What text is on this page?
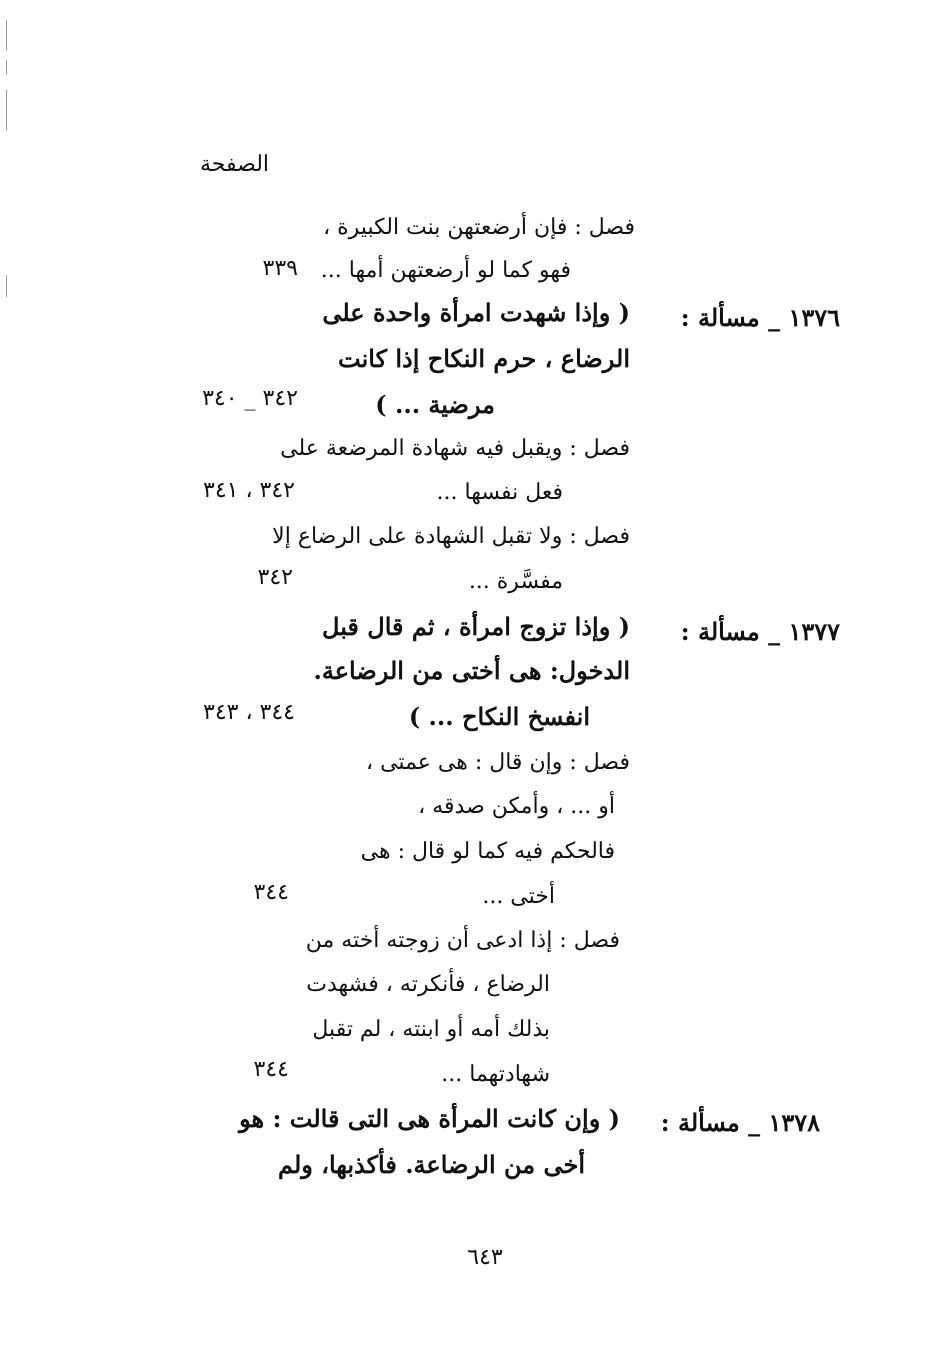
الصفحة
فصل : فإن أرضعتهن بنت الكبيرة ،
فهو كما لو أرضعتهن أمها ...
٣٣٩
١٣٧٦ _ مسألة :
( وإذا شهدت امرأة واحدة على
الرضاع ، حرم النكاح إذا كانت
مرضية ... )
٣٤٢ _ ٣٤٠
فصل : ويقبل فيه شهادة المرضعة على
فعل نفسها ...
٣٤٢ ، ٣٤١
فصل : ولا تقبل الشهادة على الرضاع إلا
مفسَّرة ...
٣٤٢
١٣٧٧ _ مسألة :
( وإذا تزوج امرأة ، ثم قال قبل
الدخول: هى أختى من الرضاعة.
انفسخ النكاح ... )
٣٤٤ ، ٣٤٣
فصل : وإن قال : هى عمتى ،
أو ... ، وأمكن صدقه ،
فالحكم فيه كما لو قال : هى
أختى ...
٣٤٤
فصل : إذا ادعى أن زوجته أخته من
الرضاع ، فأنكرته ، فشهدت
بذلك أمه أو ابنته ، لم تقبل
شهادتهما ...
٣٤٤
١٣٧٨ _ مسألة :
( وإن كانت المرأة هى التى قالت : هو
أخى من الرضاعة. فأكذبها، ولم
٦٤٣
